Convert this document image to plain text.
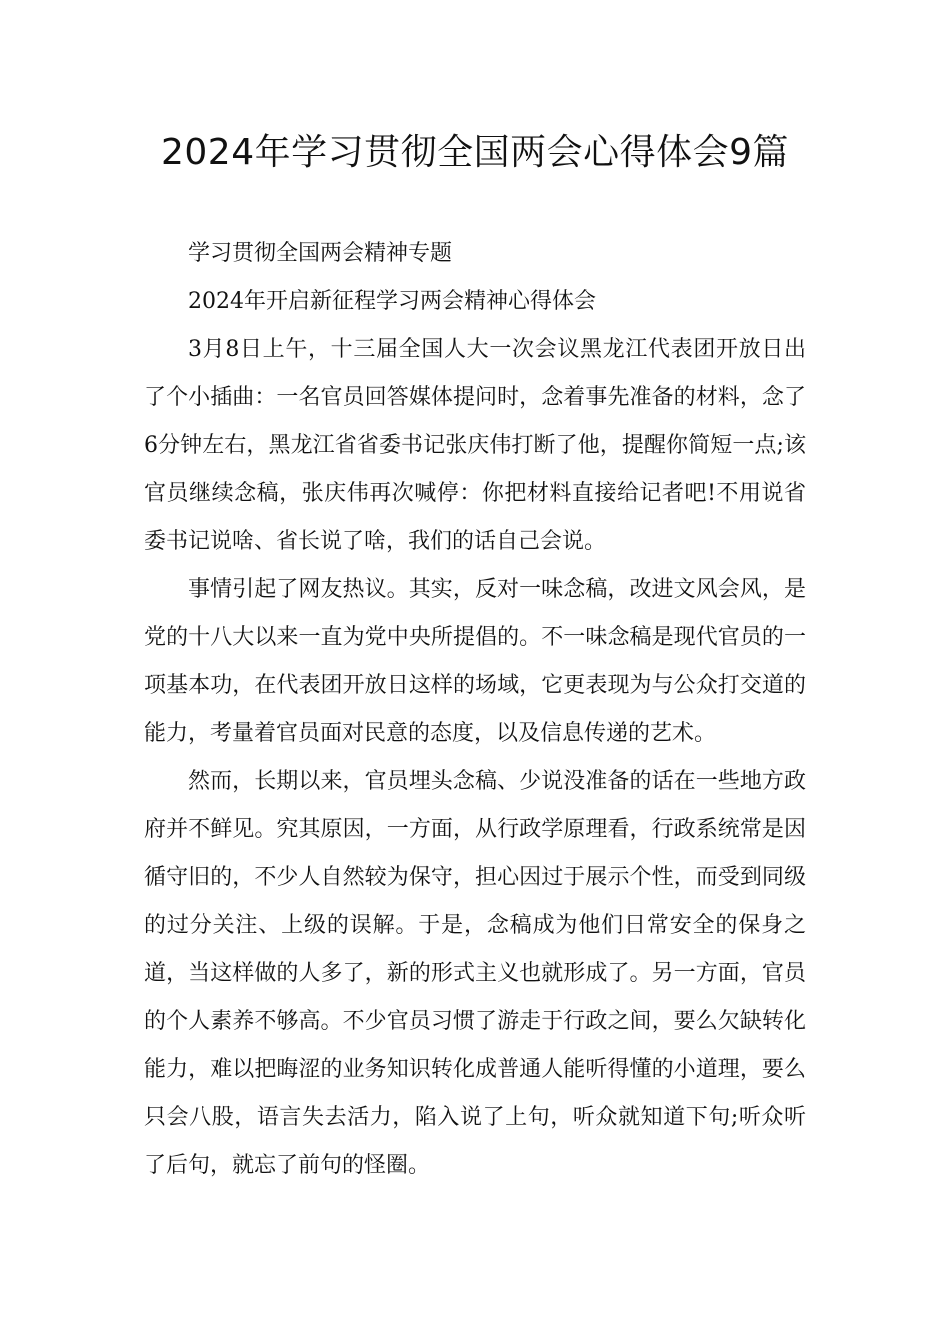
2024年学习贯彻全国两会心得体会9篇

学习贯彻全国两会精神专题

2024年开启新征程学习两会精神心得体会

3月8日上午，十三届全国人大一次会议黑龙江代表团开放日出了个小插曲：一名官员回答媒体提问时，念着事先准备的材料，念了6分钟左右，黑龙江省省委书记张庆伟打断了他，提醒你简短一点;该官员继续念稿，张庆伟再次喊停：你把材料直接给记者吧!不用说省委书记说啥、省长说了啥，我们的话自己会说。

事情引起了网友热议。其实，反对一味念稿，改进文风会风，是党的十八大以来一直为党中央所提倡的。不一味念稿是现代官员的一项基本功，在代表团开放日这样的场域，它更表现为与公众打交道的能力，考量着官员面对民意的态度，以及信息传递的艺术。

然而，长期以来，官员埋头念稿、少说没准备的话在一些地方政府并不鲜见。究其原因，一方面，从行政学原理看，行政系统常是因循守旧的，不少人自然较为保守，担心因过于展示个性，而受到同级的过分关注、上级的误解。于是，念稿成为他们日常安全的保身之道，当这样做的人多了，新的形式主义也就形成了。另一方面，官员的个人素养不够高。不少官员习惯了游走于行政之间，要么欠缺转化能力，难以把晦涩的业务知识转化成普通人能听得懂的小道理，要么只会八股，语言失去活力，陷入说了上句，听众就知道下句;听众听了后句，就忘了前句的怪圈。
